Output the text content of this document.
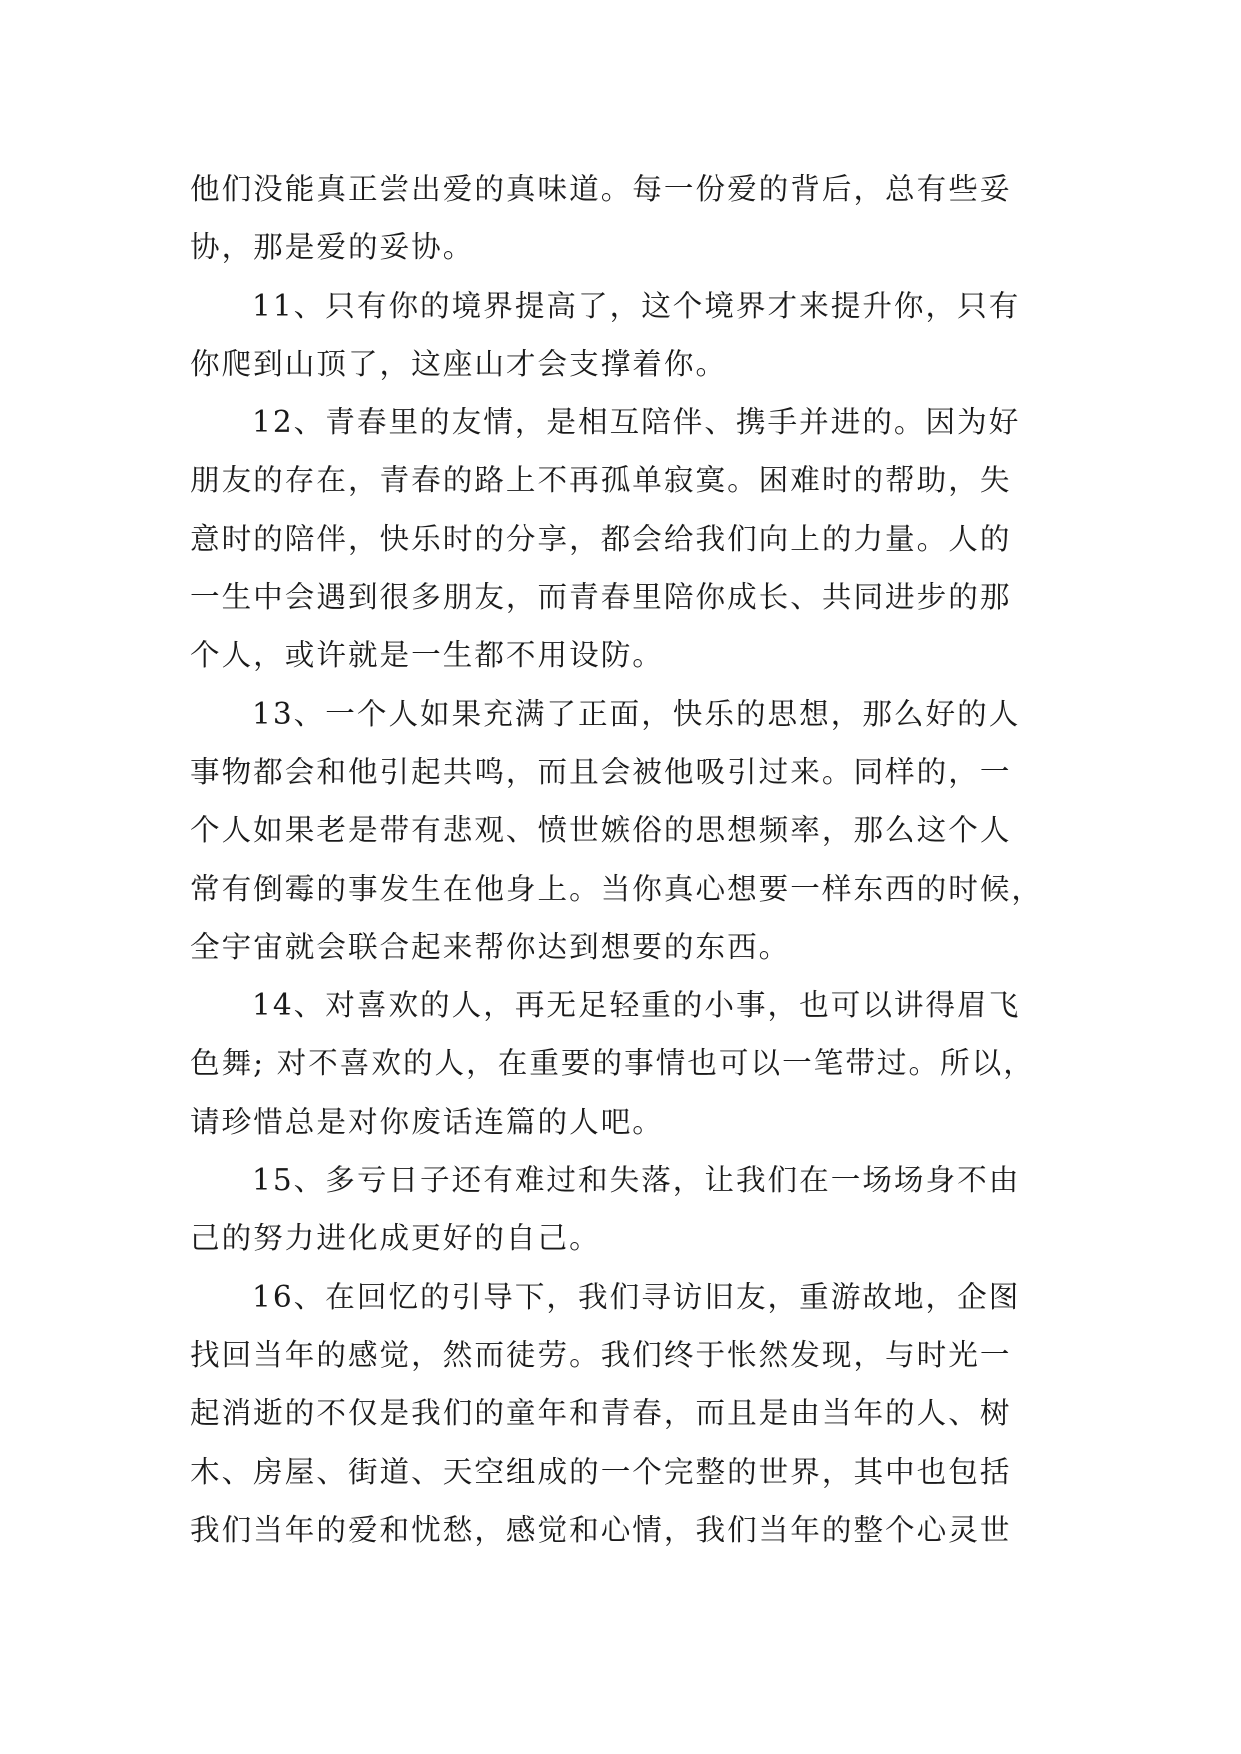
他们没能真正尝出爱的真味道。每一份爱的背后，总有些妥
协，那是爱的妥协。
11、只有你的境界提高了，这个境界才来提升你，只有
你爬到山顶了，这座山才会支撑着你。
12、青春里的友情，是相互陪伴、携手并进的。因为好
朋友的存在，青春的路上不再孤单寂寞。困难时的帮助，失
意时的陪伴，快乐时的分享，都会给我们向上的力量。人的
一生中会遇到很多朋友，而青春里陪你成长、共同进步的那
个人，或许就是一生都不用设防。
13、一个人如果充满了正面，快乐的思想，那么好的人
事物都会和他引起共鸣，而且会被他吸引过来。同样的，一
个人如果老是带有悲观、愤世嫉俗的思想频率，那么这个人
常有倒霉的事发生在他身上。当你真心想要一样东西的时候，
全宇宙就会联合起来帮你达到想要的东西。
14、对喜欢的人，再无足轻重的小事，也可以讲得眉飞
色舞; 对不喜欢的人，在重要的事情也可以一笔带过。所以，
请珍惜总是对你废话连篇的人吧。
15、多亏日子还有难过和失落，让我们在一场场身不由
己的努力进化成更好的自己。
16、在回忆的引导下，我们寻访旧友，重游故地，企图
找回当年的感觉，然而徒劳。我们终于怅然发现，与时光一
起消逝的不仅是我们的童年和青春，而且是由当年的人、树
木、房屋、街道、天空组成的一个完整的世界，其中也包括
我们当年的爱和忧愁，感觉和心情，我们当年的整个心灵世
